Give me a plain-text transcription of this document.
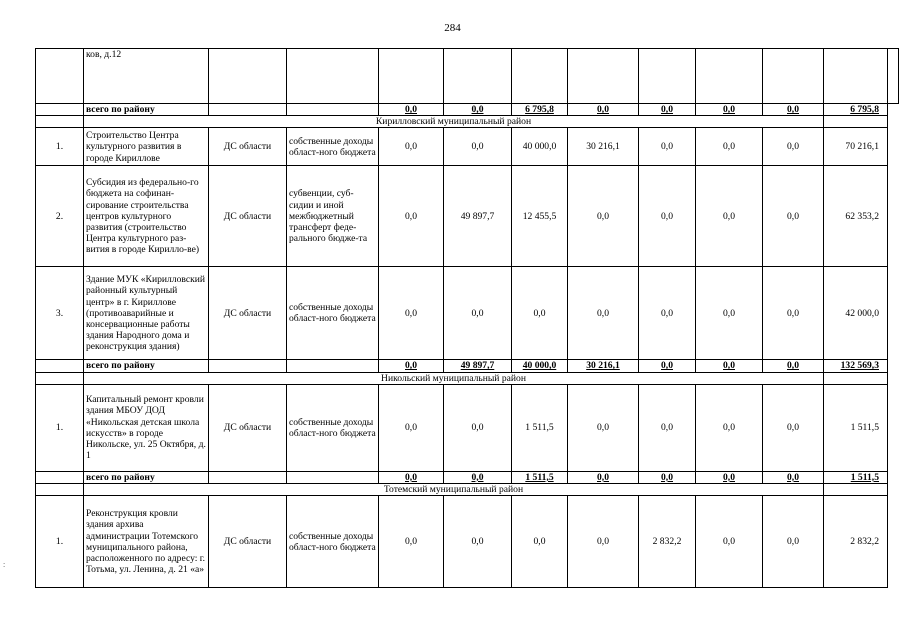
284
	ков, д.12											
	всего по району			0,0	0,0	6 795,8	0,0	0,0	0,0	0,0	6 795,8	
	Кирилловский муниципальный район											
1.	Строительство Центра культурного развития в городе Кириллове	ДС области	собственные доходы област-ного бюджета	0,0	0,0	40 000,0	30 216,1	0,0	0,0	0,0	70 216,1	
2.	Субсидия из федерально-го бюджета на софинан-сирование строительства центров культурного развития (строительство Центра культурного раз-вития в городе Кирилло-ве)	ДС области	субвенции, суб-сидии и иной межбюджетный трансферт феде-рального бюдже-та	0,0	49 897,7	12 455,5	0,0	0,0	0,0	0,0	62 353,2	
3.	Здание МУК «Кирилловский районный культурный центр» в г. Кириллове (противоаварийные и консервационные работы здания Народного дома и реконструкция здания)	ДС области	собственные доходы област-ного бюджета	0,0	0,0	0,0	0,0	0,0	0,0	0,0	42 000,0	
	всего по району			0,0	49 897,7	40 000,0	30 216,1	0,0	0,0	0,0	132 569,3	
	Никольский муниципальный район											
1.	Капитальный ремонт кровли здания МБОУ ДОД «Никольская детская школа искусств» в городе Никольске, ул. 25 Октября, д. 1	ДС области	собственные доходы област-ного бюджета	0,0	0,0	1 511,5	0,0	0,0	0,0	0,0	1 511,5	
	всего по району			0,0	0,0	1 511,5	0,0	0,0	0,0	0,0	1 511,5	
	Тотемский муниципальный район											
1.	Реконструкция кровли здания архива администрации Тотемского муниципального района, расположенного по адресу: г. Тотьма, ул. Ленина, д. 21 «а»	ДС области	собственные доходы област-ного бюджета	0,0	0,0	0,0	0,0	2 832,2	0,0	0,0	2 832,2	
:
